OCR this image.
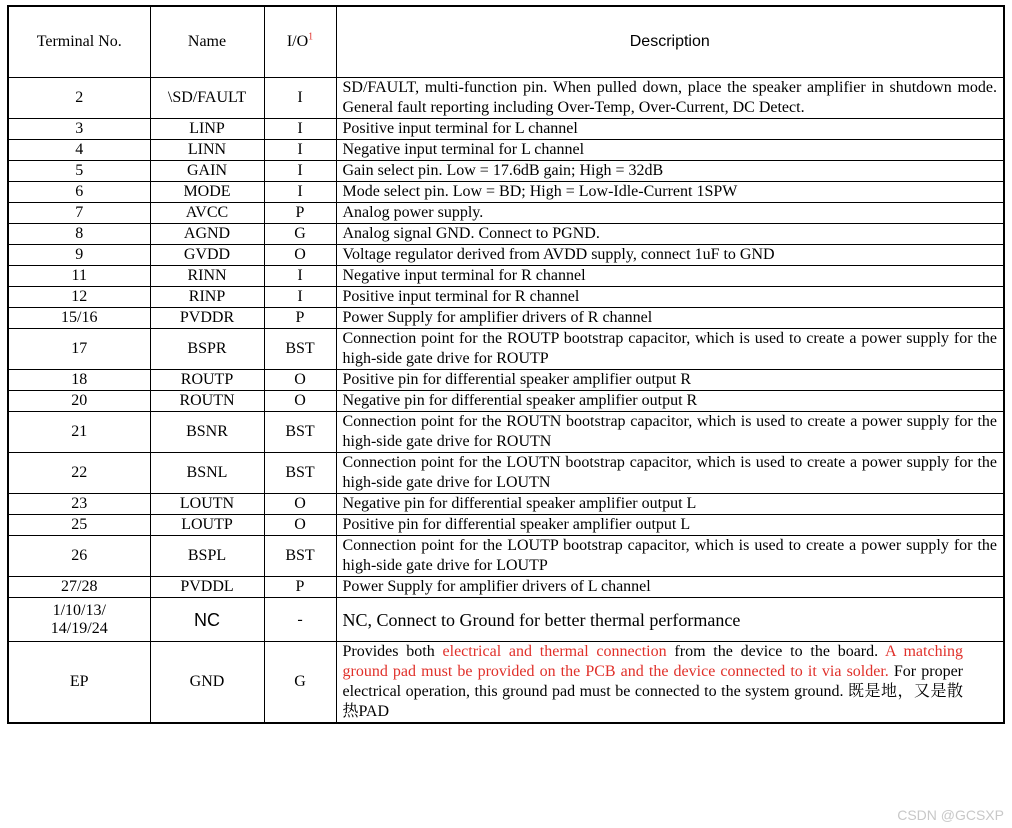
Terminal No.	Name	$I/O^1$	Description
2	\SD/FAULT	I	SD/FAULT, multi-function pin. When pulled down, place the speaker amplifier in shutdown mode. General fault reporting including Over-Temp, Over-Current, DC Detect.
3	LINP	I	Positive input terminal for L channel
4	LINN	I	Negative input terminal for L channel
5	GAIN	I	Gain select pin. Low = 17.6dB gain; High = 32dB
6	MODE	I	Mode select pin. Low = BD; High = Low-Idle-Current 1SPW
7	AVCC	P	Analog power supply.
8	AGND	G	Analog signal GND. Connect to PGND.
9	GVDD	O	Voltage regulator derived from AVDD supply, connect 1uF to GND
11	RINN	I	Negative input terminal for R channel
12	RINP	I	Positive input terminal for R channel
15/16	PVDDR	P	Power Supply for amplifier drivers of R channel
17	BSPR	BST	Connection point for the ROUTP bootstrap capacitor, which is used to create a power supply for the high-side gate drive for ROUTP
18	ROUTP	O	Positive pin for differential speaker amplifier output R
20	ROUTN	O	Negative pin for differential speaker amplifier output R
21	BSNR	BST	Connection point for the ROUTN bootstrap capacitor, which is used to create a power supply for the high-side gate drive for ROUTN
22	BSNL	BST	Connection point for the LOUTN bootstrap capacitor, which is used to create a power supply for the high-side gate drive for LOUTN
23	LOUTN	O	Negative pin for differential speaker amplifier output L
25	LOUTP	O	Positive pin for differential speaker amplifier output L
26	BSPL	BST	Connection point for the LOUTP bootstrap capacitor, which is used to create a power supply for the high-side gate drive for LOUTP
27/28	PVDDL	P	Power Supply for amplifier drivers of L channel
1/10/13/
14/19/24	NC	-	NC, Connect to Ground for better thermal performance
EP	GND	G	Provides both electrical and thermal connection from the device to the board. A matching ground pad must be provided on the PCB and the device connected to it via solder. For proper electrical operation, this ground pad must be connected to the system ground. 既是地，又是散热PAD
CSDN @GCSXP
